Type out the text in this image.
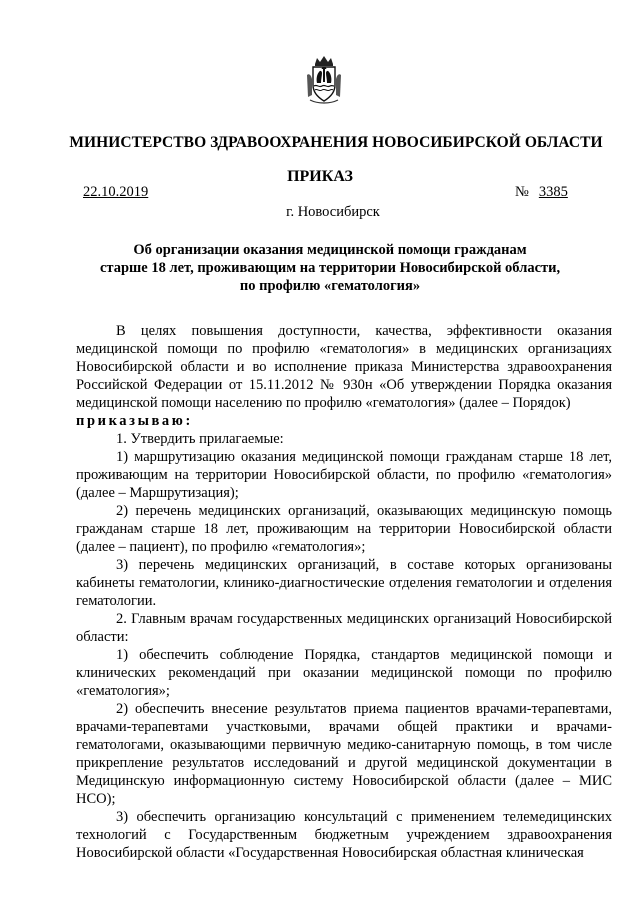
МИНИСТЕРСТВО ЗДРАВООХРАНЕНИЯ НОВОСИБИРСКОЙ ОБЛАСТИ
ПРИКАЗ
22.10.2019	№ 3385
г. Новосибирск
Об организации оказания медицинской помощи гражданам
старше 18 лет, проживающим на территории Новосибирской области,
по профилю «гематология»

В целях повышения доступности, качества, эффективности оказания медицинской помощи по профилю «гематология» в медицинских организациях Новосибирской области и во исполнение приказа Министерства здравоохранения Российской Федерации от 15.11.2012 № 930н «Об утверждении Порядка оказания медицинской помощи населению по профилю «гематология» (далее – Порядок)

приказываю:

1. Утвердить прилагаемые:

1) маршрутизацию оказания медицинской помощи гражданам старше 18 лет, проживающим на территории Новосибирской области, по профилю «гематология» (далее – Маршрутизация);

2) перечень медицинских организаций, оказывающих медицинскую помощь гражданам старше 18 лет, проживающим на территории Новосибирской области (далее – пациент), по профилю «гематология»;

3) перечень медицинских организаций, в составе которых организованы кабинеты гематологии, клинико-диагностические отделения гематологии и отделения гематологии.

2. Главным врачам государственных медицинских организаций Новосибирской области:

1) обеспечить соблюдение Порядка, стандартов медицинской помощи и клинических рекомендаций при оказании медицинской помощи по профилю «гематология»;

2) обеспечить внесение результатов приема пациентов врачами-терапевтами, врачами-терапевтами участковыми, врачами общей практики и врачами-гематологами, оказывающими первичную медико-санитарную помощь, в том числе прикрепление результатов исследований и другой медицинской документации в Медицинскую информационную систему Новосибирской области (далее – МИС НСО);

3) обеспечить организацию консультаций с применением телемедицинских технологий с Государственным бюджетным учреждением здравоохранения Новосибирской области «Государственная Новосибирская областная клиническая
